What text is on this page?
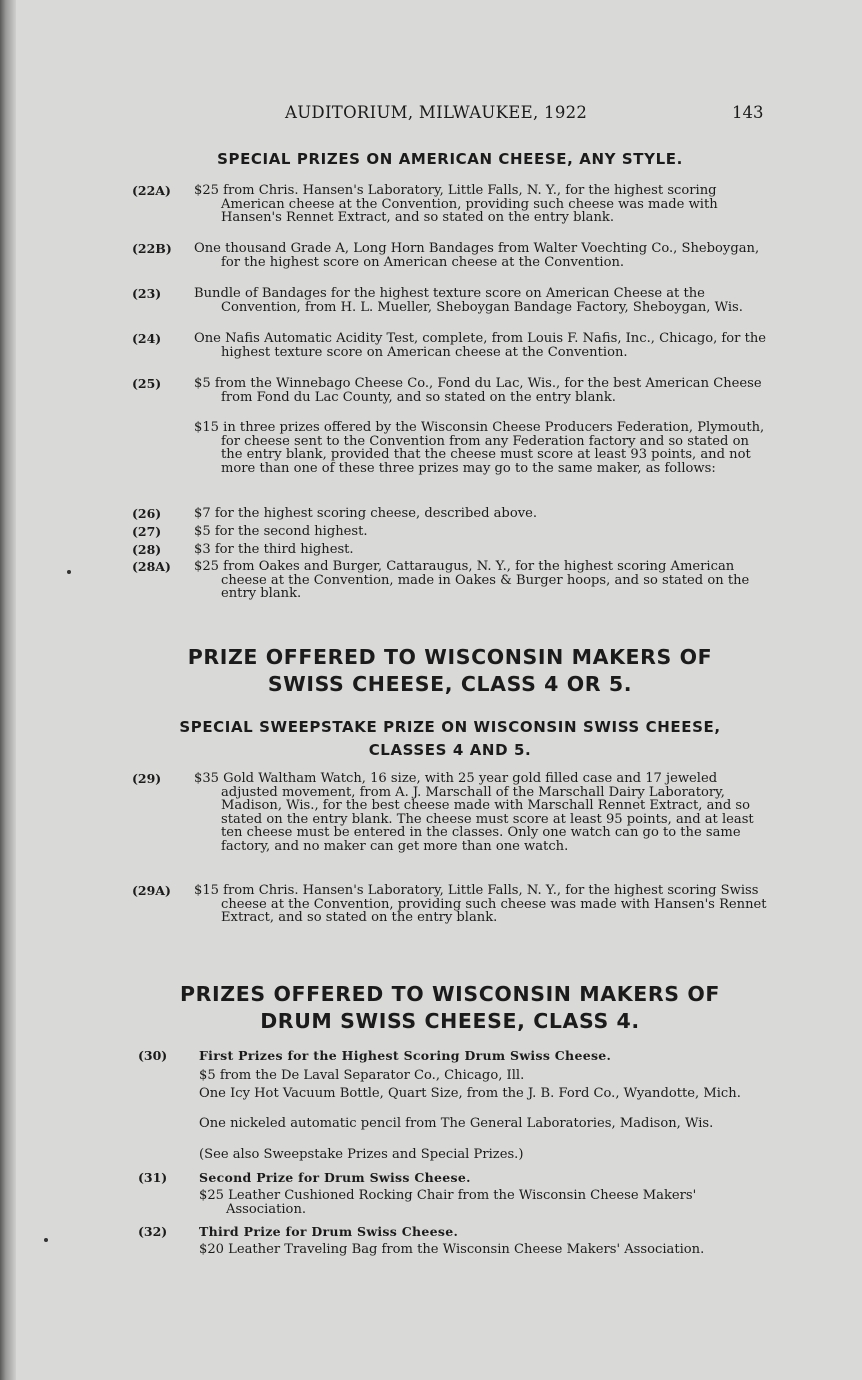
AUDITORIUM, MILWAUKEE, 1922	143
SPECIAL PRIZES ON AMERICAN CHEESE, ANY STYLE.
(22A) $25 from Chris. Hansen's Laboratory, Little Falls, N. Y., for the highest scoring American cheese at the Convention, providing such cheese was made with Hansen's Rennet Extract, and so stated on the entry blank.
(22B) One thousand Grade A, Long Horn Bandages from Walter Voechting Co., Sheboygan, for the highest score on American cheese at the Convention.
(23)	Bundle of Bandages for the highest texture score on American Cheese at the Convention, from H. L. Mueller, Sheboygan Bandage Factory, Sheboygan, Wis.
(24)	One Nafis Automatic Acidity Test, complete, from Louis F. Nafis, Inc., Chicago, for the highest texture score on American cheese at the Convention.
(25)	$5 from the Winnebago Cheese Co., Fond du Lac, Wis., for the best American Cheese from Fond du Lac County, and so stated on the entry blank.
$15 in three prizes offered by the Wisconsin Cheese Producers Federation, Plymouth, for cheese sent to the Convention from any Federation factory and so stated on the entry blank, provided that the cheese must score at least 93 points, and not more than one of these three prizes may go to the same maker, as follows:
(26)	$7 for the highest scoring cheese, described above.
(27)	$5 for the second highest.
(28)	$3 for the third highest.
(28A) $25 from Oakes and Burger, Cattaraugus, N. Y., for the highest scoring American cheese at the Convention, made in Oakes & Burger hoops, and so stated on the entry blank.
PRIZE OFFERED TO WISCONSIN MAKERS OF
SWISS CHEESE, CLASS 4 OR 5.
SPECIAL SWEEPSTAKE PRIZE ON WISCONSIN SWISS CHEESE,
CLASSES 4 AND 5.
(29)	$35 Gold Waltham Watch, 16 size, with 25 year gold filled case and 17 jeweled adjusted movement, from A. J. Marschall of the Marschall Dairy Laboratory, Madison, Wis., for the best cheese made with Marschall Rennet Extract, and so stated on the entry blank. The cheese must score at least 95 points, and at least ten cheese must be entered in the classes. Only one watch can go to the same factory, and no maker can get more than one watch.
(29A) $15 from Chris. Hansen's Laboratory, Little Falls, N. Y., for the highest scoring Swiss cheese at the Convention, providing such cheese was made with Hansen's Rennet Extract, and so stated on the entry blank.
PRIZES OFFERED TO WISCONSIN MAKERS OF
DRUM SWISS CHEESE, CLASS 4.
(30)	First Prizes for the Highest Scoring Drum Swiss Cheese.
$5 from the De Laval Separator Co., Chicago, Ill.
One Icy Hot Vacuum Bottle, Quart Size, from the J. B. Ford Co., Wyandotte, Mich.
One nickeled automatic pencil from The General Laboratories, Madison, Wis.
(See also Sweepstake Prizes and Special Prizes.)
(31)	Second Prize for Drum Swiss Cheese.
$25 Leather Cushioned Rocking Chair from the Wisconsin Cheese Makers' Association.
(32)	Third Prize for Drum Swiss Cheese.
$20 Leather Traveling Bag from the Wisconsin Cheese Makers' Association.
